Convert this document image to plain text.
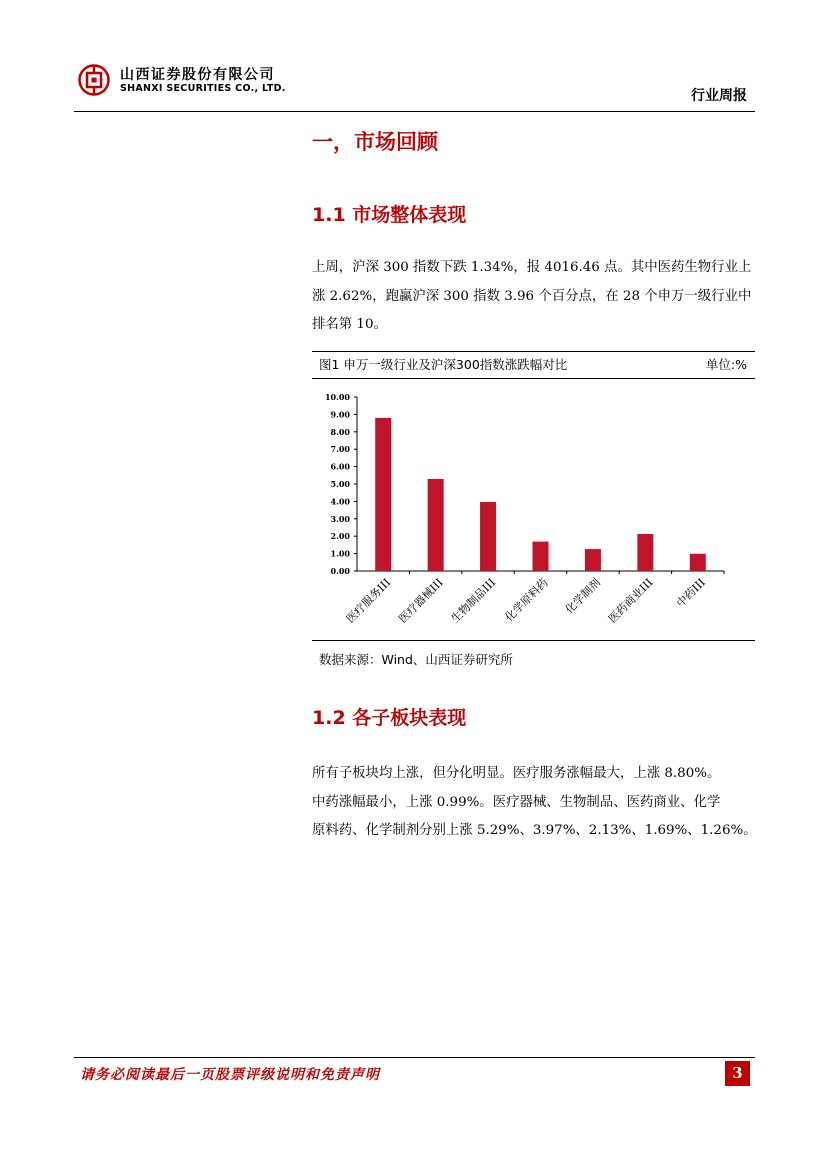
山西证券股份有限公司
SHANXI SECURITIES CO., LTD.	行业周报
一，市场回顾
1.1 市场整体表现
上周，沪深 300 指数下跌 1.34%，报 4016.46 点。其中医药生物行业上
涨 2.62%，跑赢沪深 300 指数 3.96 个百分点，在 28 个申万一级行业中
排名第 10。
图1 申万一级行业及沪深300指数涨跌幅对比	单位:%
0.00
1.00
2.00
3.00
4.00
5.00
6.00
7.00
8.00
9.00
10.00
医疗服务III 医疗器械III 生物制品III 化学原料药 化学制剂 医药商业III 中药III
数据来源：Wind、山西证券研究所
1.2 各子板块表现
所有子板块均上涨，但分化明显。医疗服务涨幅最大，上涨 8.80%。
中药涨幅最小，上涨 0.99%。医疗器械、生物制品、医药商业、化学
原料药、化学制剂分别上涨 5.29%、3.97%、2.13%、1.69%、1.26%。
请务必阅读最后一页股票评级说明和免责声明	3
